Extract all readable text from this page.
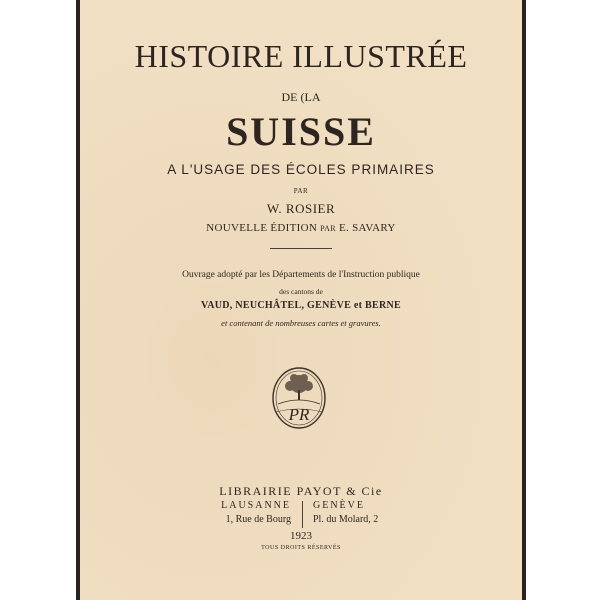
HISTOIRE ILLUSTRÉE
DE (LA
SUISSE
A L'USAGE DES ÉCOLES PRIMAIRES
PAR
W. ROSIER
NOUVELLE ÉDITION PAR E. SAVARY
Ouvrage adopté par les Départements de l'Instruction publique
des cantons de
VAUD, NEUCHÂTEL, GENÈVE et BERNE
et contenant de nombreuses cartes et gravures.
PR
LIBRAIRIE PAYOT & Cie
LAUSANNE
1, Rue de Bourg
GENÈVE
Pl. du Molard, 2
1923
TOUS DROITS RÉSERVÉS
